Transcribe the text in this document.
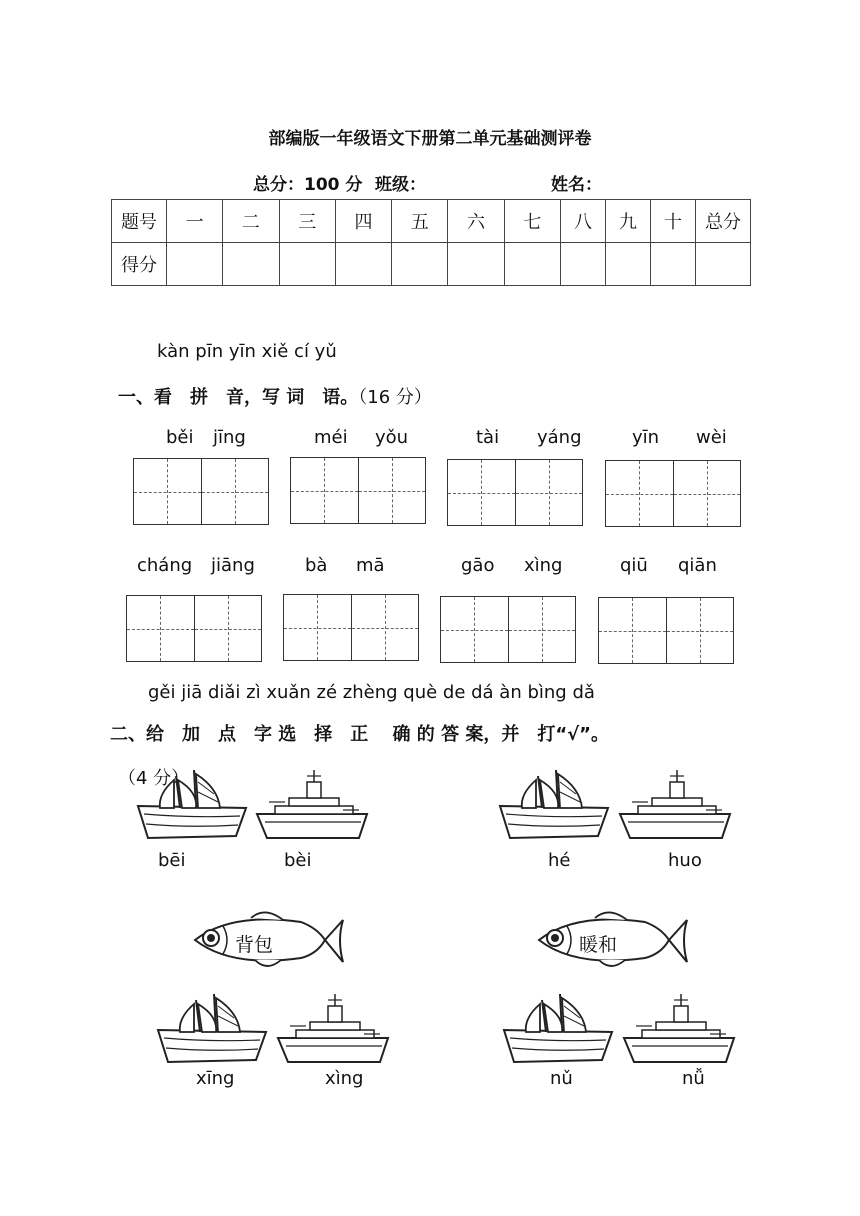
部编版一年级语文下册第二单元基础测评卷
总分：100 分 班级：	姓名：
题号	一	二	三	四	五	六	七	八	九	十	总分
得分											
kàn pīn yīn xiě cí yǔ
一、看　拼　音，写 词　语。（16 分）
běi jīng	méi yǒu	tài yáng	yīn wèi
cháng jiāng	bà mā	gāo xìng	qiū qiān
gěi jiā diǎi zì xuǎn zé zhèng què de dá àn bìng dǎ
二、给　加　点　字 选　择　正　 确 的 答 案，并　打“√”。
（4 分）
bēi	bèi	hé	huo
背包	暖和
xīng	xìng	nǔ	nǚ
